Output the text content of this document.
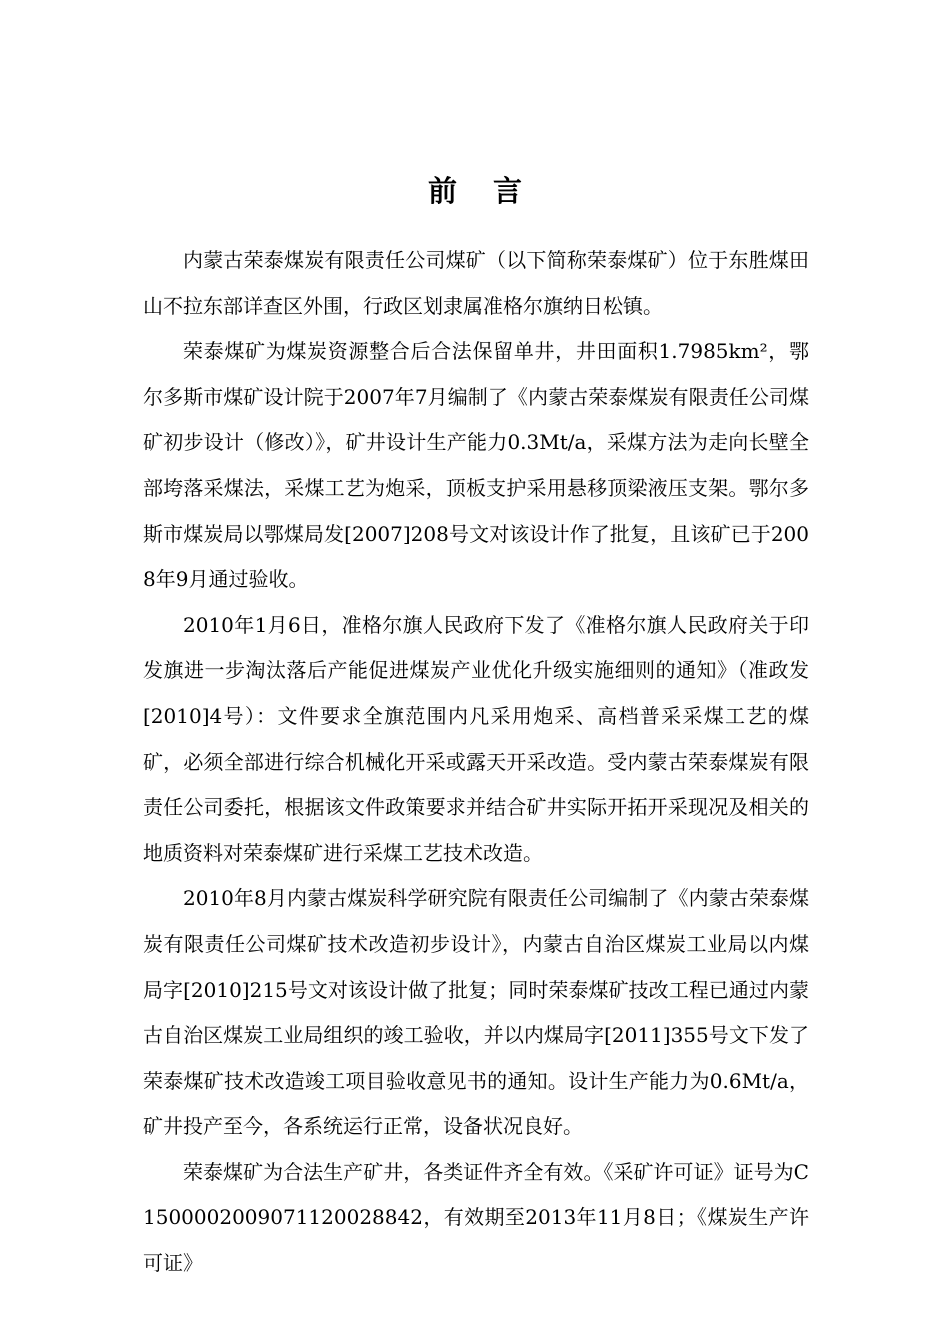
前言

内蒙古荣泰煤炭有限责任公司煤矿（以下简称荣泰煤矿）位于东胜煤田山不拉东部详查区外围，行政区划隶属准格尔旗纳日松镇。

荣泰煤矿为煤炭资源整合后合法保留单井，井田面积1.7985km²，鄂尔多斯市煤矿设计院于2007年7月编制了《内蒙古荣泰煤炭有限责任公司煤矿初步设计（修改）》，矿井设计生产能力0.3Mt/a，采煤方法为走向长壁全部垮落采煤法，采煤工艺为炮采，顶板支护采用悬移顶梁液压支架。鄂尔多斯市煤炭局以鄂煤局发[2007]208号文对该设计作了批复，且该矿已于2008年9月通过验收。

2010年1月6日，准格尔旗人民政府下发了《准格尔旗人民政府关于印发旗进一步淘汰落后产能促进煤炭产业优化升级实施细则的通知》（准政发[2010]4号）：文件要求全旗范围内凡采用炮采、高档普采采煤工艺的煤矿，必须全部进行综合机械化开采或露天开采改造。受内蒙古荣泰煤炭有限责任公司委托，根据该文件政策要求并结合矿井实际开拓开采现况及相关的地质资料对荣泰煤矿进行采煤工艺技术改造。

2010年8月内蒙古煤炭科学研究院有限责任公司编制了《内蒙古荣泰煤炭有限责任公司煤矿技术改造初步设计》，内蒙古自治区煤炭工业局以内煤局字[2010]215号文对该设计做了批复；同时荣泰煤矿技改工程已通过内蒙古自治区煤炭工业局组织的竣工验收，并以内煤局字[2011]355号文下发了荣泰煤矿技术改造竣工项目验收意见书的通知。设计生产能力为0.6Mt/a，矿井投产至今，各系统运行正常，设备状况良好。

荣泰煤矿为合法生产矿井，各类证件齐全有效。《采矿许可证》证号为C1500002009071120028842，有效期至2013年11月8日；《煤炭生产许可证》
